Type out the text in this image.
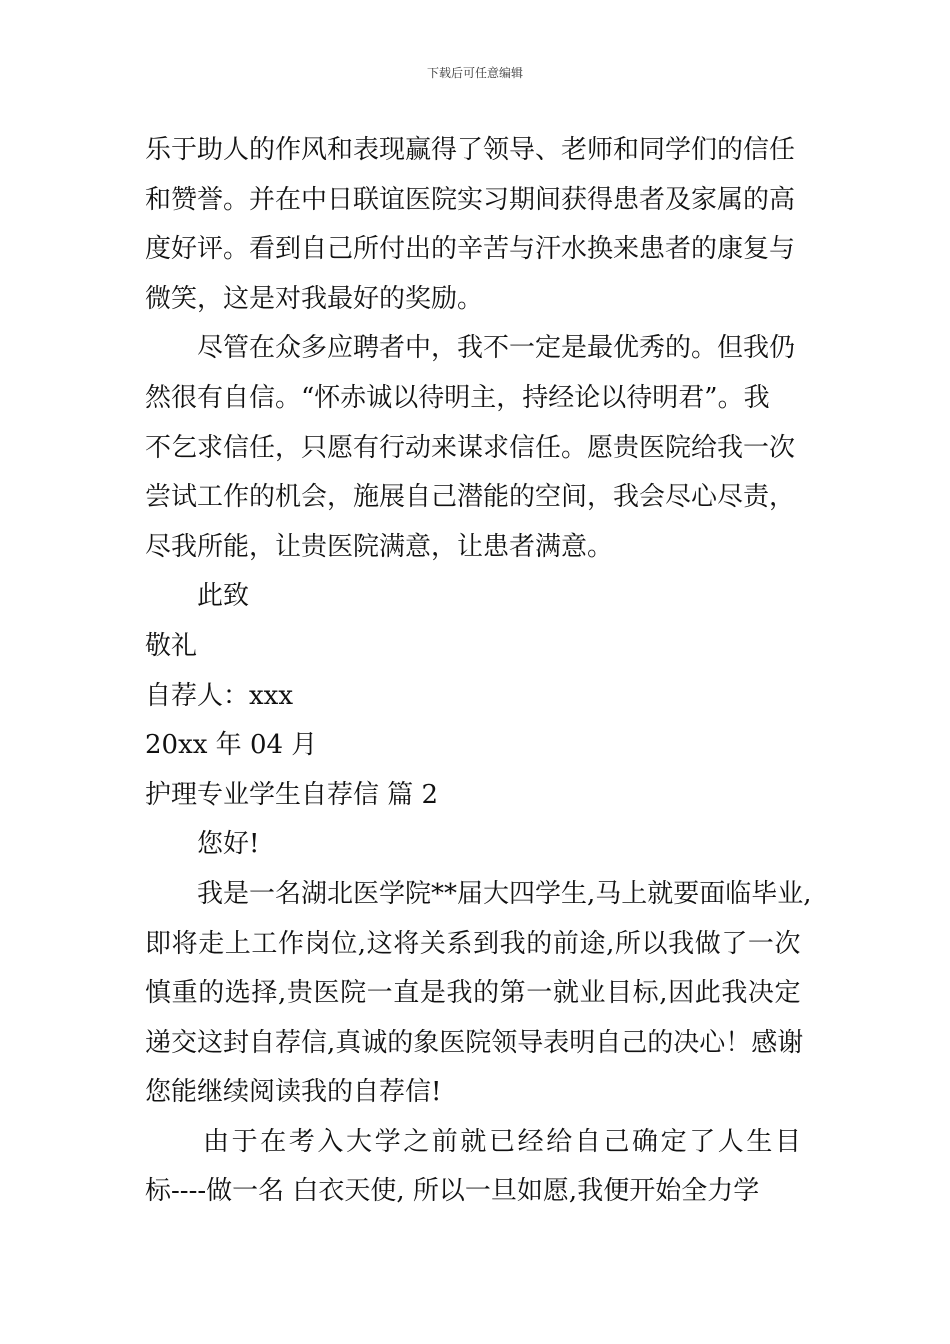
下载后可任意编辑
乐于助人的作风和表现赢得了领导、老师和同学们的信任
和赞誉。并在中日联谊医院实习期间获得患者及家属的高
度好评。看到自己所付出的辛苦与汗水换来患者的康复与
微笑，这是对我最好的奖励。
尽管在众多应聘者中，我不一定是最优秀的。但我仍
然很有自信。“怀赤诚以待明主，持经论以待明君”。我
不乞求信任，只愿有行动来谋求信任。愿贵医院给我一次
尝试工作的机会，施展自己潜能的空间，我会尽心尽责，
尽我所能，让贵医院满意，让患者满意。
此致
敬礼
自荐人：xxx
20xx 年 04 月
护理专业学生自荐信 篇 2
您好!
我是一名湖北医学院**届大四学生,马上就要面临毕业,
即将走上工作岗位,这将关系到我的前途,所以我做了一次
慎重的选择,贵医院一直是我的第一就业目标,因此我决定
递交这封自荐信,真诚的象医院领导表明自己的决心！感谢
您能继续阅读我的自荐信!
由于在考入大学之前就已经给自己确定了人生目
标----做一名 白衣天使, 所以一旦如愿,我便开始全力学
